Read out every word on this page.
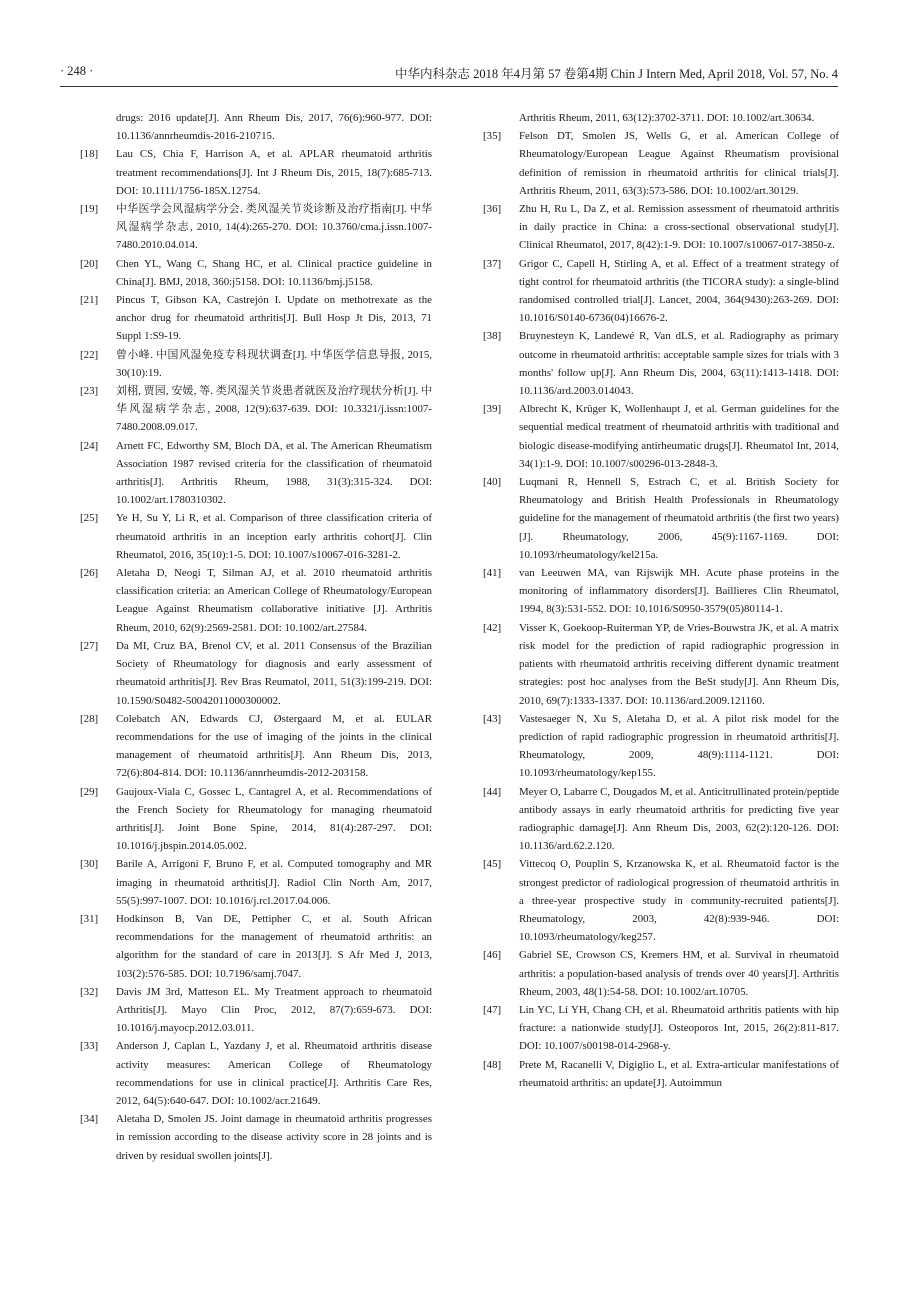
· 248 ·	中华内科杂志 2018 年4月第 57 卷第4期 Chin J Intern Med, April 2018, Vol. 57, No. 4
drugs: 2016 update[J]. Ann Rheum Dis, 2017, 76(6):960-977. DOI: 10.1136/annrheumdis-2016-210715.
[18] Lau CS, Chia F, Harrison A, et al. APLAR rheumatoid arthritis treatment recommendations[J]. Int J Rheum Dis, 2015, 18(7):685-713. DOI: 10.1111/1756-185X.12754.
[19] 中华医学会风湿病学分会. 类风湿关节炎诊断及治疗指南[J]. 中华风湿病学杂志, 2010, 14(4):265-270. DOI: 10.3760/cma.j.issn.1007-7480.2010.04.014.
[20] Chen YL, Wang C, Shang HC, et al. Clinical practice guideline in China[J]. BMJ, 2018, 360:j5158. DOI: 10.1136/bmj.j5158.
[21] Pincus T, Gibson KA, Castrejón I. Update on methotrexate as the anchor drug for rheumatoid arthritis[J]. Bull Hosp Jt Dis, 2013, 71 Suppl 1:S9-19.
[22] 曾小峰. 中国风湿免疫专科现状调查[J]. 中华医学信息导报, 2015, 30(10):19.
[23] 刘栩, 贾园, 安媛, 等. 类风湿关节炎患者就医及治疗现状分析[J]. 中华风湿病学杂志, 2008, 12(9):637-639. DOI: 10.3321/j.issn:1007-7480.2008.09.017.
[24] Arnett FC, Edworthy SM, Bloch DA, et al. The American Rheumatism Association 1987 revised criteria for the classification of rheumatoid arthritis[J]. Arthritis Rheum, 1988, 31(3):315-324. DOI: 10.1002/art.1780310302.
[25] Ye H, Su Y, Li R, et al. Comparison of three classification criteria of rheumatoid arthritis in an inception early arthritis cohort[J]. Clin Rheumatol, 2016, 35(10):1-5. DOI: 10.1007/s10067-016-3281-2.
[26] Aletaha D, Neogi T, Silman AJ, et al. 2010 rheumatoid arthritis classification criteria: an American College of Rheumatology/European League Against Rheumatism collaborative initiative [J]. Arthritis Rheum, 2010, 62(9):2569-2581. DOI: 10.1002/art.27584.
[27] Da MI, Cruz BA, Brenol CV, et al. 2011 Consensus of the Brazilian Society of Rheumatology for diagnosis and early assessment of rheumatoid arthritis[J]. Rev Bras Reumatol, 2011, 51(3):199-219. DOI: 10.1590/S0482-50042011000300002.
[28] Colebatch AN, Edwards CJ, Østergaard M, et al. EULAR recommendations for the use of imaging of the joints in the clinical management of rheumatoid arthritis[J]. Ann Rheum Dis, 2013, 72(6):804-814. DOI: 10.1136/annrheumdis-2012-203158.
[29] Gaujoux-Viala C, Gossec L, Cantagrel A, et al. Recommendations of the French Society for Rheumatology for managing rheumatoid arthritis[J]. Joint Bone Spine, 2014, 81(4):287-297. DOI: 10.1016/j.jbspin.2014.05.002.
[30] Barile A, Arrigoni F, Bruno F, et al. Computed tomography and MR imaging in rheumatoid arthritis[J]. Radiol Clin North Am, 2017, 55(5):997-1007. DOI: 10.1016/j.rcl.2017.04.006.
[31] Hodkinson B, Van DE, Pettipher C, et al. South African recommendations for the management of rheumatoid arthritis: an algorithm for the standard of care in 2013[J]. S Afr Med J, 2013, 103(2):576-585. DOI: 10.7196/samj.7047.
[32] Davis JM 3rd, Matteson EL. My Treatment approach to rheumatoid Arthritis[J]. Mayo Clin Proc, 2012, 87(7):659-673. DOI: 10.1016/j.mayocp.2012.03.011.
[33] Anderson J, Caplan L, Yazdany J, et al. Rheumatoid arthritis disease activity measures: American College of Rheumatology recommendations for use in clinical practice[J]. Arthritis Care Res, 2012, 64(5):640-647. DOI: 10.1002/acr.21649.
[34] Aletaha D, Smolen JS. Joint damage in rheumatoid arthritis progresses in remission according to the disease activity score in 28 joints and is driven by residual swollen joints[J].
Arthritis Rheum, 2011, 63(12):3702-3711. DOI: 10.1002/art.30634.
[35] Felson DT, Smolen JS, Wells G, et al. American College of Rheumatology/European League Against Rheumatism provisional definition of remission in rheumatoid arthritis for clinical trials[J]. Arthritis Rheum, 2011, 63(3):573-586. DOI: 10.1002/art.30129.
[36] Zhu H, Ru L, Da Z, et al. Remission assessment of rheumatoid arthritis in daily practice in China: a cross-sectional observational study[J]. Clinical Rheumatol, 2017, 8(42):1-9. DOI: 10.1007/s10067-017-3850-z.
[37] Grigor C, Capell H, Stirling A, et al. Effect of a treatment strategy of tight control for rheumatoid arthritis (the TICORA study): a single-blind randomised controlled trial[J]. Lancet, 2004, 364(9430):263-269. DOI: 10.1016/S0140-6736(04)16676-2.
[38] Bruynesteyn K, Landewé R, Van dLS, et al. Radiography as primary outcome in rheumatoid arthritis: acceptable sample sizes for trials with 3 months' follow up[J]. Ann Rheum Dis, 2004, 63(11):1413-1418. DOI: 10.1136/ard.2003.014043.
[39] Albrecht K, Krüger K, Wollenhaupt J, et al. German guidelines for the sequential medical treatment of rheumatoid arthritis with traditional and biologic disease-modifying antirheumatic drugs[J]. Rheumatol Int, 2014, 34(1):1-9. DOI: 10.1007/s00296-013-2848-3.
[40] Luqmani R, Hennell S, Estrach C, et al. British Society for Rheumatology and British Health Professionals in Rheumatology guideline for the management of rheumatoid arthritis (the first two years)[J]. Rheumatology, 2006, 45(9):1167-1169. DOI: 10.1093/rheumatology/kel215a.
[41] van Leeuwen MA, van Rijswijk MH. Acute phase proteins in the monitoring of inflammatory disorders[J]. Baillieres Clin Rheumatol, 1994, 8(3):531-552. DOI: 10.1016/S0950-3579(05)80114-1.
[42] Visser K, Goekoop-Ruiterman YP, de Vries-Bouwstra JK, et al. A matrix risk model for the prediction of rapid radiographic progression in patients with rheumatoid arthritis receiving different dynamic treatment strategies: post hoc analyses from the BeSt study[J]. Ann Rheum Dis, 2010, 69(7):1333-1337. DOI: 10.1136/ard.2009.121160.
[43] Vastesaeger N, Xu S, Aletaha D, et al. A pilot risk model for the prediction of rapid radiographic progression in rheumatoid arthritis[J]. Rheumatology, 2009, 48(9):1114-1121. DOI: 10.1093/rheumatology/kep155.
[44] Meyer O, Labarre C, Dougados M, et al. Anticitrullinated protein/peptide antibody assays in early rheumatoid arthritis for predicting five year radiographic damage[J]. Ann Rheum Dis, 2003, 62(2):120-126. DOI: 10.1136/ard.62.2.120.
[45] Vittecoq O, Pouplin S, Krzanowska K, et al. Rheumatoid factor is the strongest predictor of radiological progression of rheumatoid arthritis in a three-year prospective study in community-recruited patients[J]. Rheumatology, 2003, 42(8):939-946. DOI: 10.1093/rheumatology/keg257.
[46] Gabriel SE, Crowson CS, Kremers HM, et al. Survival in rheumatoid arthritis: a population-based analysis of trends over 40 years[J]. Arthritis Rheum, 2003, 48(1):54-58. DOI: 10.1002/art.10705.
[47] Lin YC, Li YH, Chang CH, et al. Rheumatoid arthritis patients with hip fracture: a nationwide study[J]. Osteoporos Int, 2015, 26(2):811-817. DOI: 10.1007/s00198-014-2968-y.
[48] Prete M, Racanelli V, Digiglio L, et al. Extra-articular manifestations of rheumatoid arthritis: an update[J]. Autoimmun
